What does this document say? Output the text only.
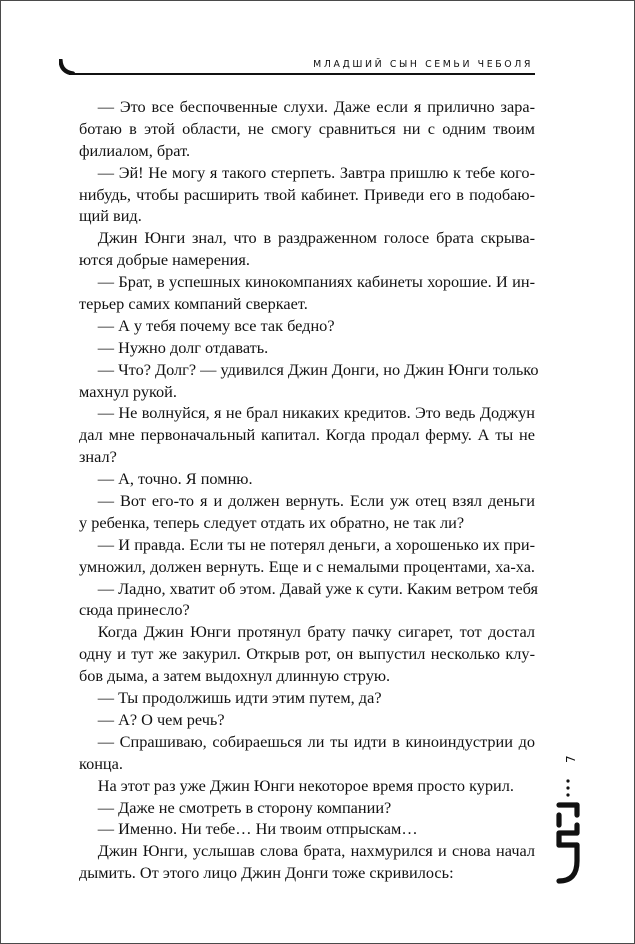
МЛАДШИЙ СЫН СЕМЬИ ЧЕБОЛЯ
— Это все беспочвенные слухи. Даже если я прилично зара-
ботаю в этой области, не смогу сравниться ни с одним твоим
филиалом, брат.
— Эй! Не могу я такого стерпеть. Завтра пришлю к тебе кого-
нибудь, чтобы расширить твой кабинет. Приведи его в подобаю-
щий вид.
Джин Юнги знал, что в раздраженном голосе брата скрыва-
ются добрые намерения.
— Брат, в успешных кинокомпаниях кабинеты хорошие. И ин-
терьер самих компаний сверкает.
— А у тебя почему все так бедно?
— Нужно долг отдавать.
— Что? Долг? — удивился Джин Донги, но Джин Юнги только
махнул рукой.
— Не волнуйся, я не брал никаких кредитов. Это ведь Доджун
дал мне первоначальный капитал. Когда продал ферму. А ты не
знал?
— А, точно. Я помню.
— Вот его-то я и должен вернуть. Если уж отец взял деньги
у ребенка, теперь следует отдать их обратно, не так ли?
— И правда. Если ты не потерял деньги, а хорошенько их при-
умножил, должен вернуть. Еще и с немалыми процентами, ха-ха.
— Ладно, хватит об этом. Давай уже к сути. Каким ветром тебя
сюда принесло?
Когда Джин Юнги протянул брату пачку сигарет, тот достал
одну и тут же закурил. Открыв рот, он выпустил несколько клу-
бов дыма, а затем выдохнул длинную струю.
— Ты продолжишь идти этим путем, да?
— А? О чем речь?
— Спрашиваю, собираешься ли ты идти в киноиндустрии до
конца.
На этот раз уже Джин Юнги некоторое время просто курил.
— Даже не смотреть в сторону компании?
— Именно. Ни тебе… Ни твоим отпрыскам…
Джин Юнги, услышав слова брата, нахмурился и снова начал
дымить. От этого лицо Джин Донги тоже скривилось:
7
